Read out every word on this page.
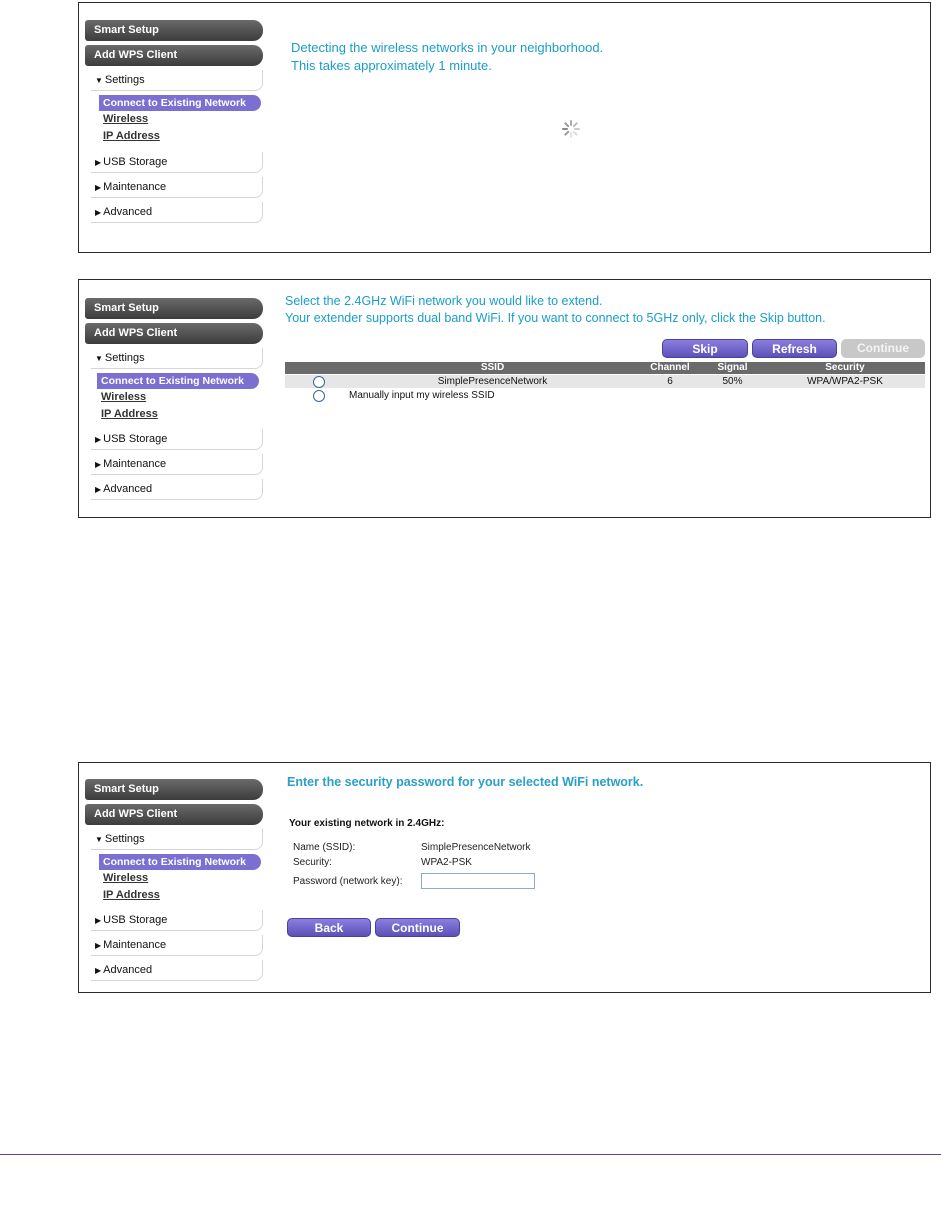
Smart Setup
Add WPS Client
▼ Settings
Connect to Existing Network
Wireless
IP Address
▶ USB Storage
▶ Maintenance
▶ Advanced
Detecting the wireless networks in your neighborhood.
This takes approximately 1 minute.
Smart Setup
Add WPS Client
▼ Settings
Connect to Existing Network
Wireless
IP Address
▶ USB Storage
▶ Maintenance
▶ Advanced
Select the 2.4GHz WiFi network you would like to extend.
Your extender supports dual band WiFi. If you want to connect to 5GHz only, click the Skip button.
Skip	Refresh	Continue
SSID	Channel	Signal	Security
SimplePresenceNetwork	6	50%	WPA/WPA2-PSK
Manually input my wireless SSID
Smart Setup
Add WPS Client
▼ Settings
Connect to Existing Network
Wireless
IP Address
▶ USB Storage
▶ Maintenance
▶ Advanced
Enter the security password for your selected WiFi network.
Your existing network in 2.4GHz:
Name (SSID):	SimplePresenceNetwork
Security:	WPA2-PSK
Password (network key):
Back	Continue
